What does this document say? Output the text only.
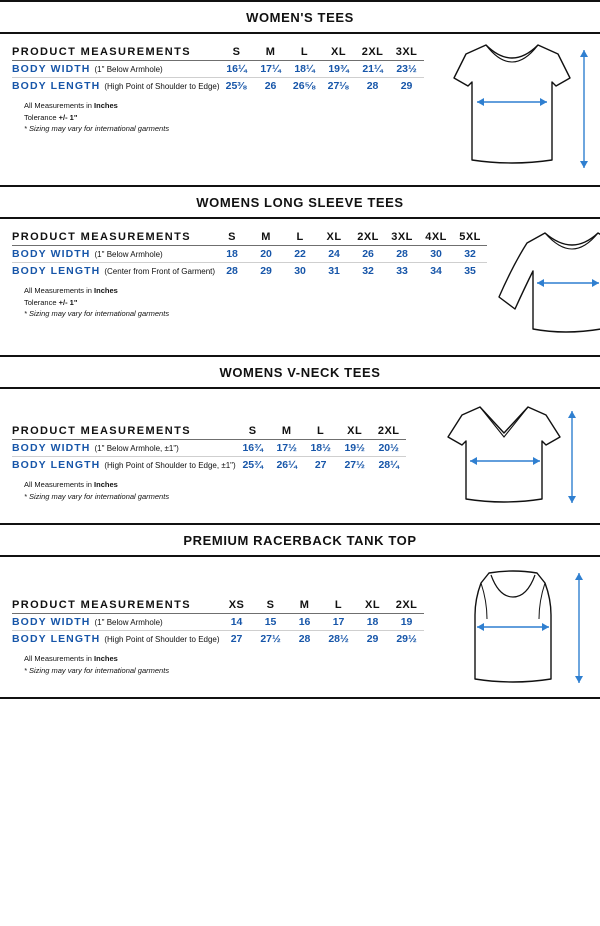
WOMEN'S TEES
PRODUCT MEASUREMENTS	S	M	L	XL	2XL	3XL
BODY WIDTH (1" Below Armhole)	16¼	17¼	18¼	19¾	21¼	23½
BODY LENGTH (High Point of Shoulder to Edge)	25³⁄₈	26	26⁵⁄₈	27¹⁄₈	28	29
All Measurements in Inches
Tolerance +/- 1"
* Sizing may vary for international garments
WOMENS LONG SLEEVE TEES
PRODUCT MEASUREMENTS	S	M	L	XL	2XL	3XL	4XL	5XL
BODY WIDTH (1" Below Armhole)	18	20	22	24	26	28	30	32
BODY LENGTH (Center from Front of Garment)	28	29	30	31	32	33	34	35
All Measurements in Inches
Tolerance +/- 1"
* Sizing may vary for international garments
WOMENS V-NECK TEES
PRODUCT MEASUREMENTS	S	M	L	XL	2XL
BODY WIDTH (1" Below Armhole, ±1")	16¾	17½	18½	19½	20½
BODY LENGTH (High Point of Shoulder to Edge, ±1")	25¾	26¼	27	27½	28¼
All Measurements in Inches
* Sizing may vary for international garments
PREMIUM RACERBACK TANK TOP
PRODUCT MEASUREMENTS	XS	S	M	L	XL	2XL
BODY WIDTH (1" Below Armhole)	14	15	16	17	18	19
BODY LENGTH (High Point of Shoulder to Edge)	27	27½	28	28½	29	29½
All Measurements in Inches
* Sizing may vary for international garments
